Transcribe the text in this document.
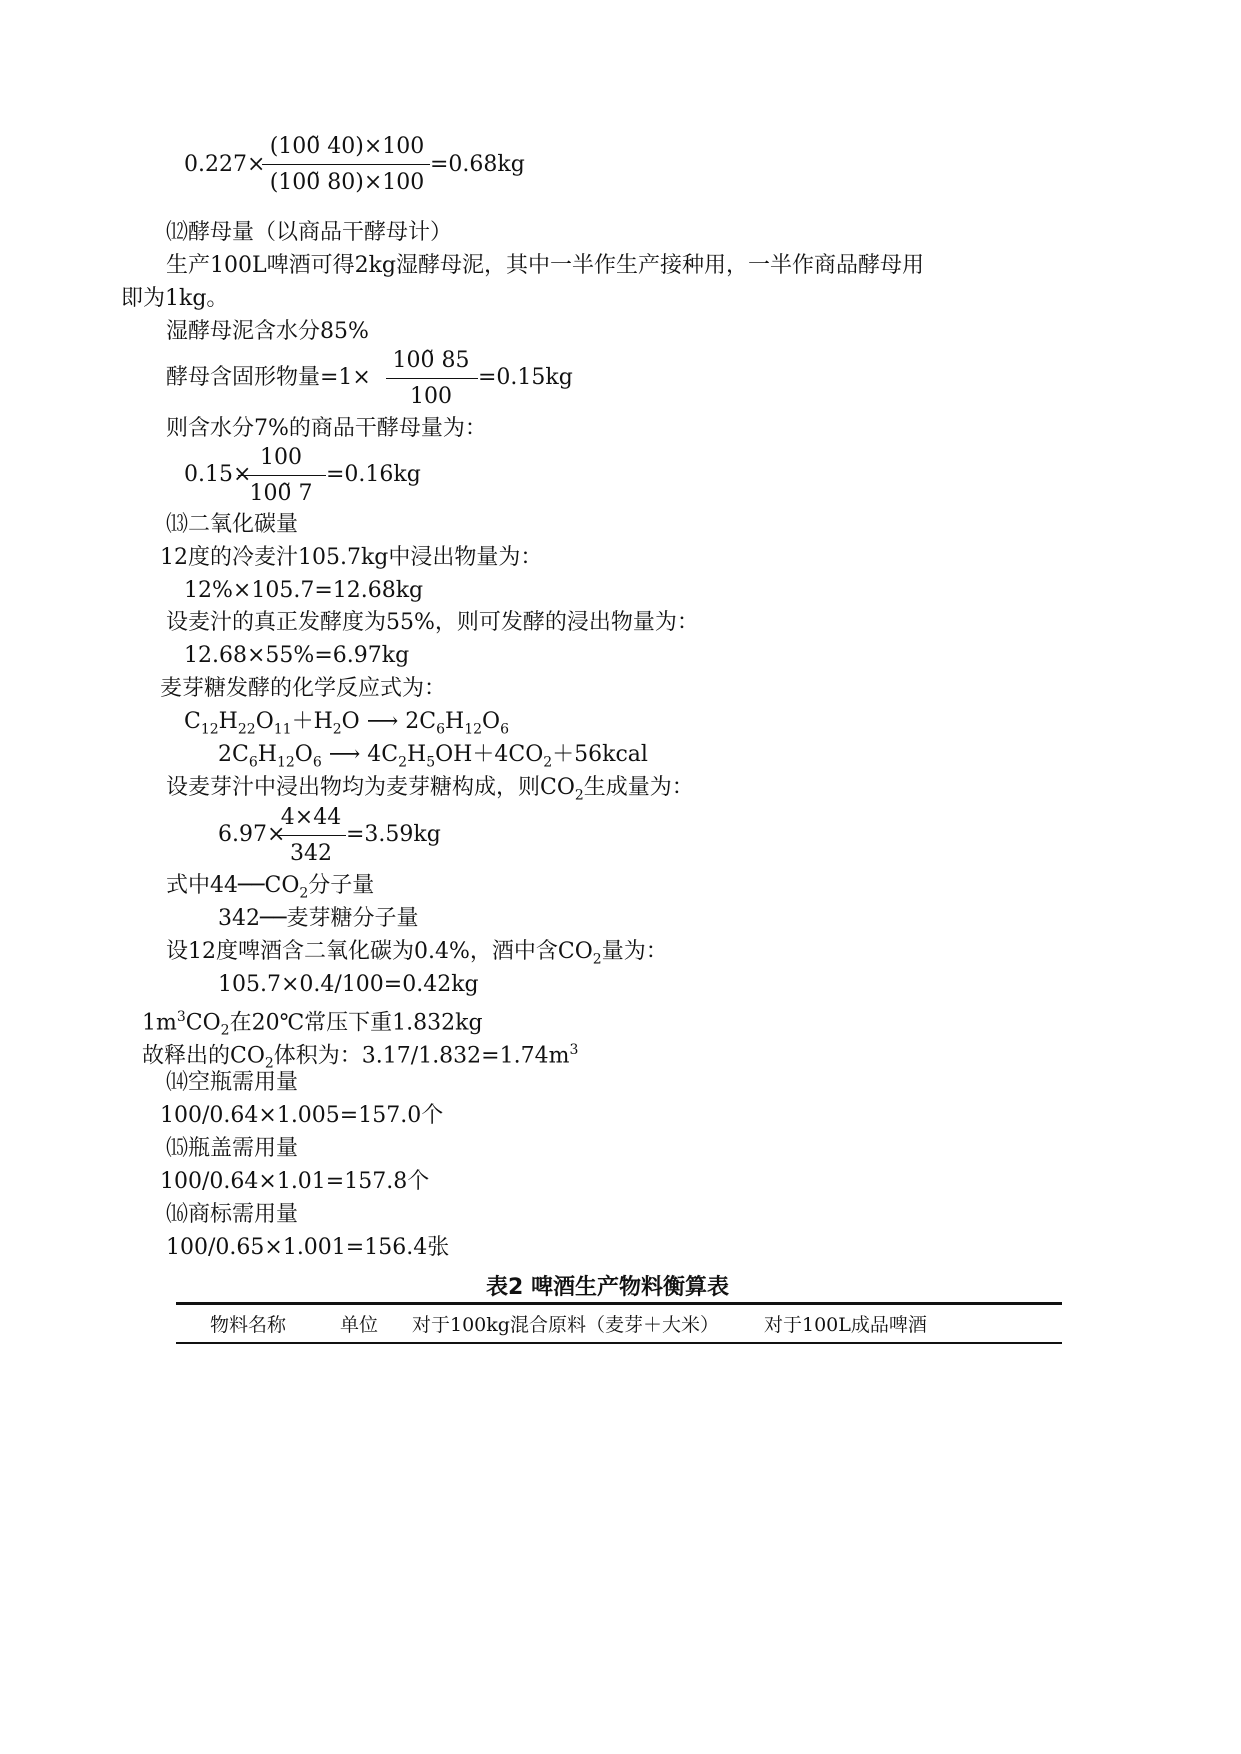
0.227×
(100̃ 40)×100
(100̃ 80)×100
=0.68kg
⑿酵母量（以商品干酵母计）
生产100L啤酒可得2kg湿酵母泥，其中一半作生产接种用，一半作商品酵母用
即为1kg。
湿酵母泥含水分85%
酵母含固形物量=1×
100̃ 85
100
=0.15kg
则含水分7%的商品干酵母量为：
0.15×
100
100̃ 7
=0.16kg
⒀二氧化碳量
12度的冷麦汁105.7kg中浸出物量为：
12%×105.7=12.68kg
设麦汁的真正发酵度为55%，则可发酵的浸出物量为：
12.68×55%=6.97kg
麦芽糖发酵的化学反应式为：
$C_{12}H_{22}O_{11}+H_2O$ ⟶ $2C_6H_{12}O_6$
$2C_6H_{12}O_6$ ⟶ $4C_2H_5OH+4CO_2+56kcal$
设麦芽汁中浸出物均为麦芽糖构成，则$CO_2$生成量为：
6.97×
4×44
342
=3.59kg
式中$44──CO_2$分子量
342──麦芽糖分子量
设12度啤酒含二氧化碳为0.4%，酒中含$CO_2$量为：
105.7×0.4/100=0.42kg
$1m^3CO_2$在20℃常压下重1.832kg
故释出的$CO_2$体积为：$3.17/1.832=1.74m^3$
⒁空瓶需用量
100/0.64×1.005=157.0个
⒂瓶盖需用量
100/0.64×1.01=157.8个
⒃商标需用量
100/0.65×1.001=156.4张
表2 啤酒生产物料衡算表
物料名称	单位 对于100kg混合原料（麦芽＋大米） 对于100L成品啤酒
